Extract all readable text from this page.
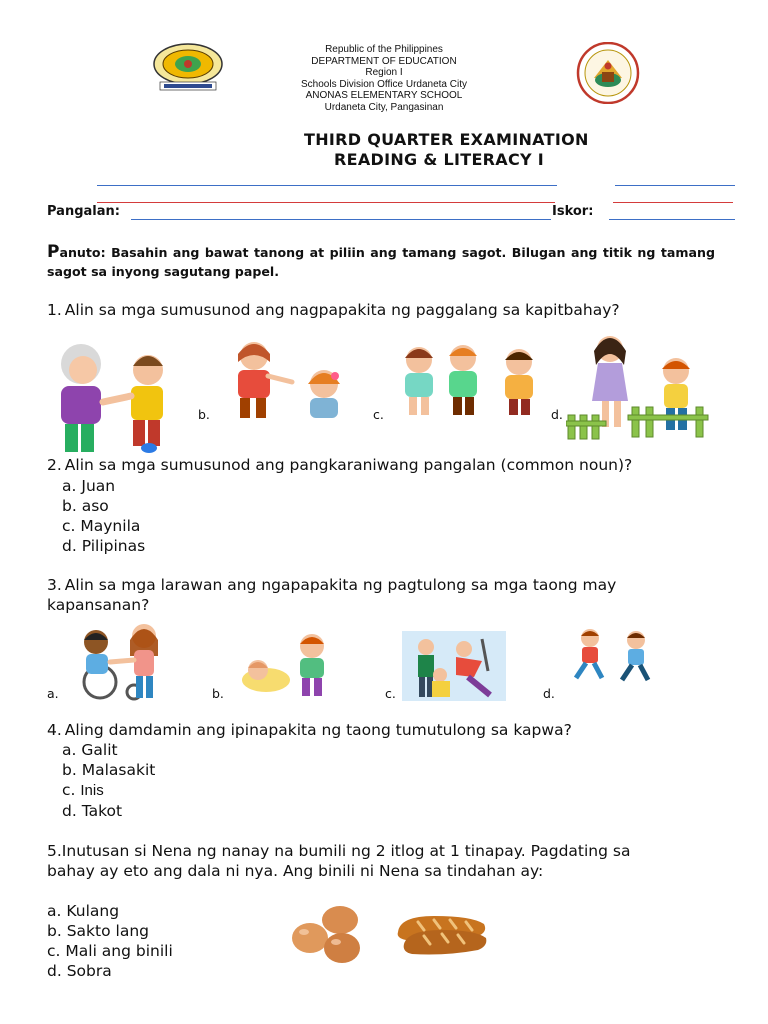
Republic of the Philippines
DEPARTMENT OF EDUCATION
Region I
Schools Division Office Urdaneta City
ANONAS ELEMENTARY SCHOOL
Urdaneta City, Pangasinan
THIRD QUARTER EXAMINATION
READING & LITERACY I
Pangalan:	Iskor:
Panuto: Basahin ang bawat tanong at piliin ang tamang sagot. Bilugan ang titik ng tamang sagot sa inyong sagutang papel.
1. Alin sa mga sumusunod ang nagpapakita ng paggalang sa kapitbahay?
b.	c.	d.
2. Alin sa mga sumusunod ang pangkaraniwang pangalan (common noun)?
a. Juan
b. aso
c. Maynila
d. Pilipinas
3. Alin sa mga larawan ang ngapapakita ng pagtulong sa mga taong may kapansanan?
a.	b.	c.	d.
4. Aling damdamin ang ipinapakita ng taong tumutulong sa kapwa?
a. Galit
b. Malasakit
c. Inis
d. Takot
5.Inutusan si Nena ng nanay na bumili ng 2 itlog at 1 tinapay. Pagdating sa bahay ay eto ang dala ni nya. Ang binili ni Nena sa tindahan ay:
a. Kulang
b. Sakto lang
c. Mali ang binili
d. Sobra
